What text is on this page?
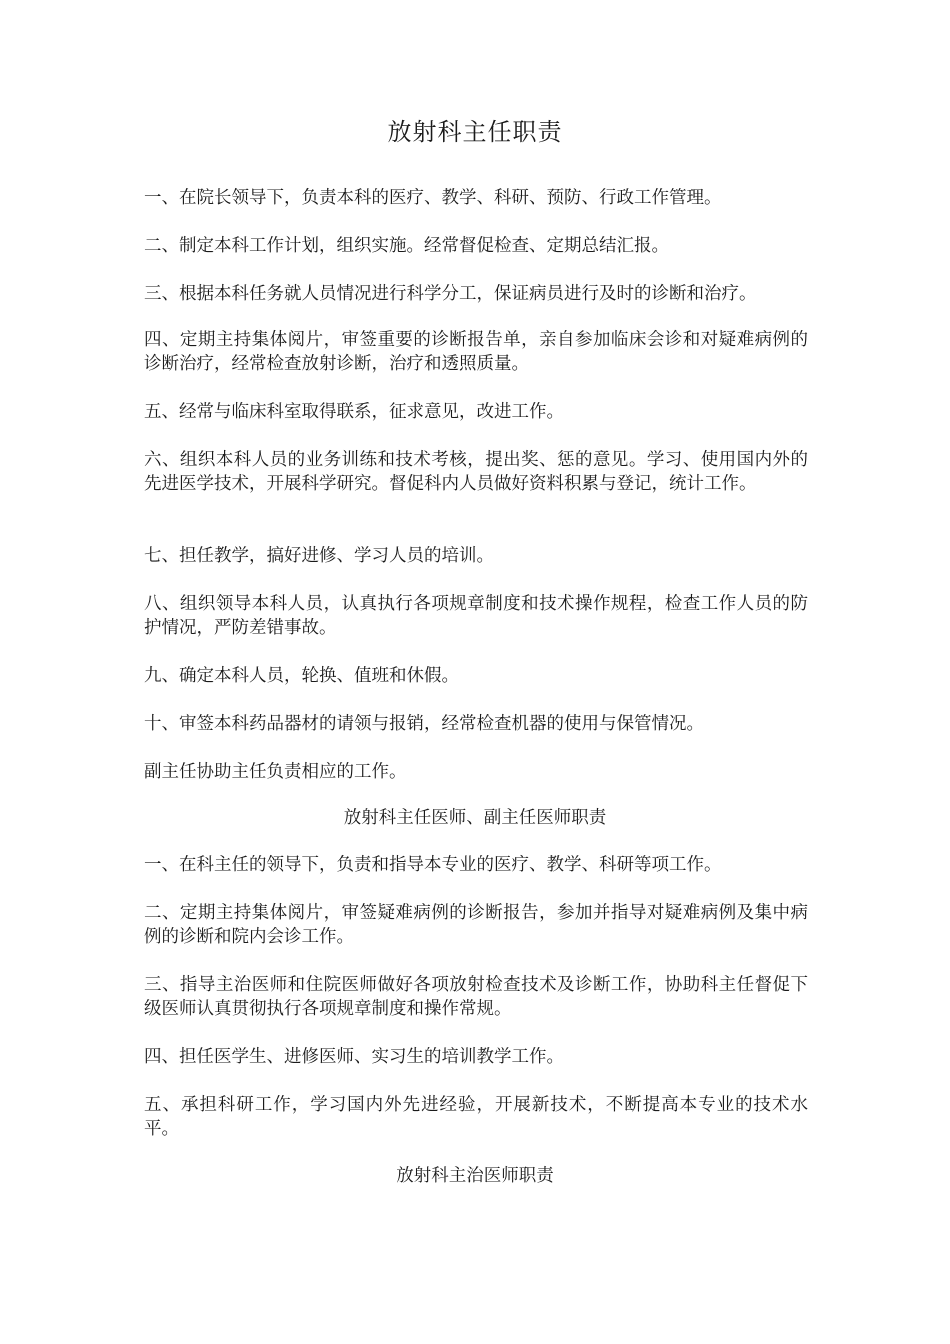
放射科主任职责

一、在院长领导下，负责本科的医疗、教学、科研、预防、行政工作管理。

二、制定本科工作计划，组织实施。经常督促检查、定期总结汇报。

三、根据本科任务就人员情况进行科学分工，保证病员进行及时的诊断和治疗。

四、定期主持集体阅片，审签重要的诊断报告单，亲自参加临床会诊和对疑难病例的诊断治疗，经常检查放射诊断，治疗和透照质量。

五、经常与临床科室取得联系，征求意见，改进工作。

六、组织本科人员的业务训练和技术考核，提出奖、惩的意见。学习、使用国内外的先进医学技术，开展科学研究。督促科内人员做好资料积累与登记，统计工作。

七、担任教学，搞好进修、学习人员的培训。

八、组织领导本科人员，认真执行各项规章制度和技术操作规程，检查工作人员的防护情况，严防差错事故。

九、确定本科人员，轮换、值班和休假。

十、审签本科药品器材的请领与报销，经常检查机器的使用与保管情况。

副主任协助主任负责相应的工作。

放射科主任医师、副主任医师职责

一、在科主任的领导下，负责和指导本专业的医疗、教学、科研等项工作。

二、定期主持集体阅片，审签疑难病例的诊断报告，参加并指导对疑难病例及集中病例的诊断和院内会诊工作。

三、指导主治医师和住院医师做好各项放射检查技术及诊断工作，协助科主任督促下级医师认真贯彻执行各项规章制度和操作常规。

四、担任医学生、进修医师、实习生的培训教学工作。

五、承担科研工作，学习国内外先进经验，开展新技术，不断提高本专业的技术水平。

放射科主治医师职责
